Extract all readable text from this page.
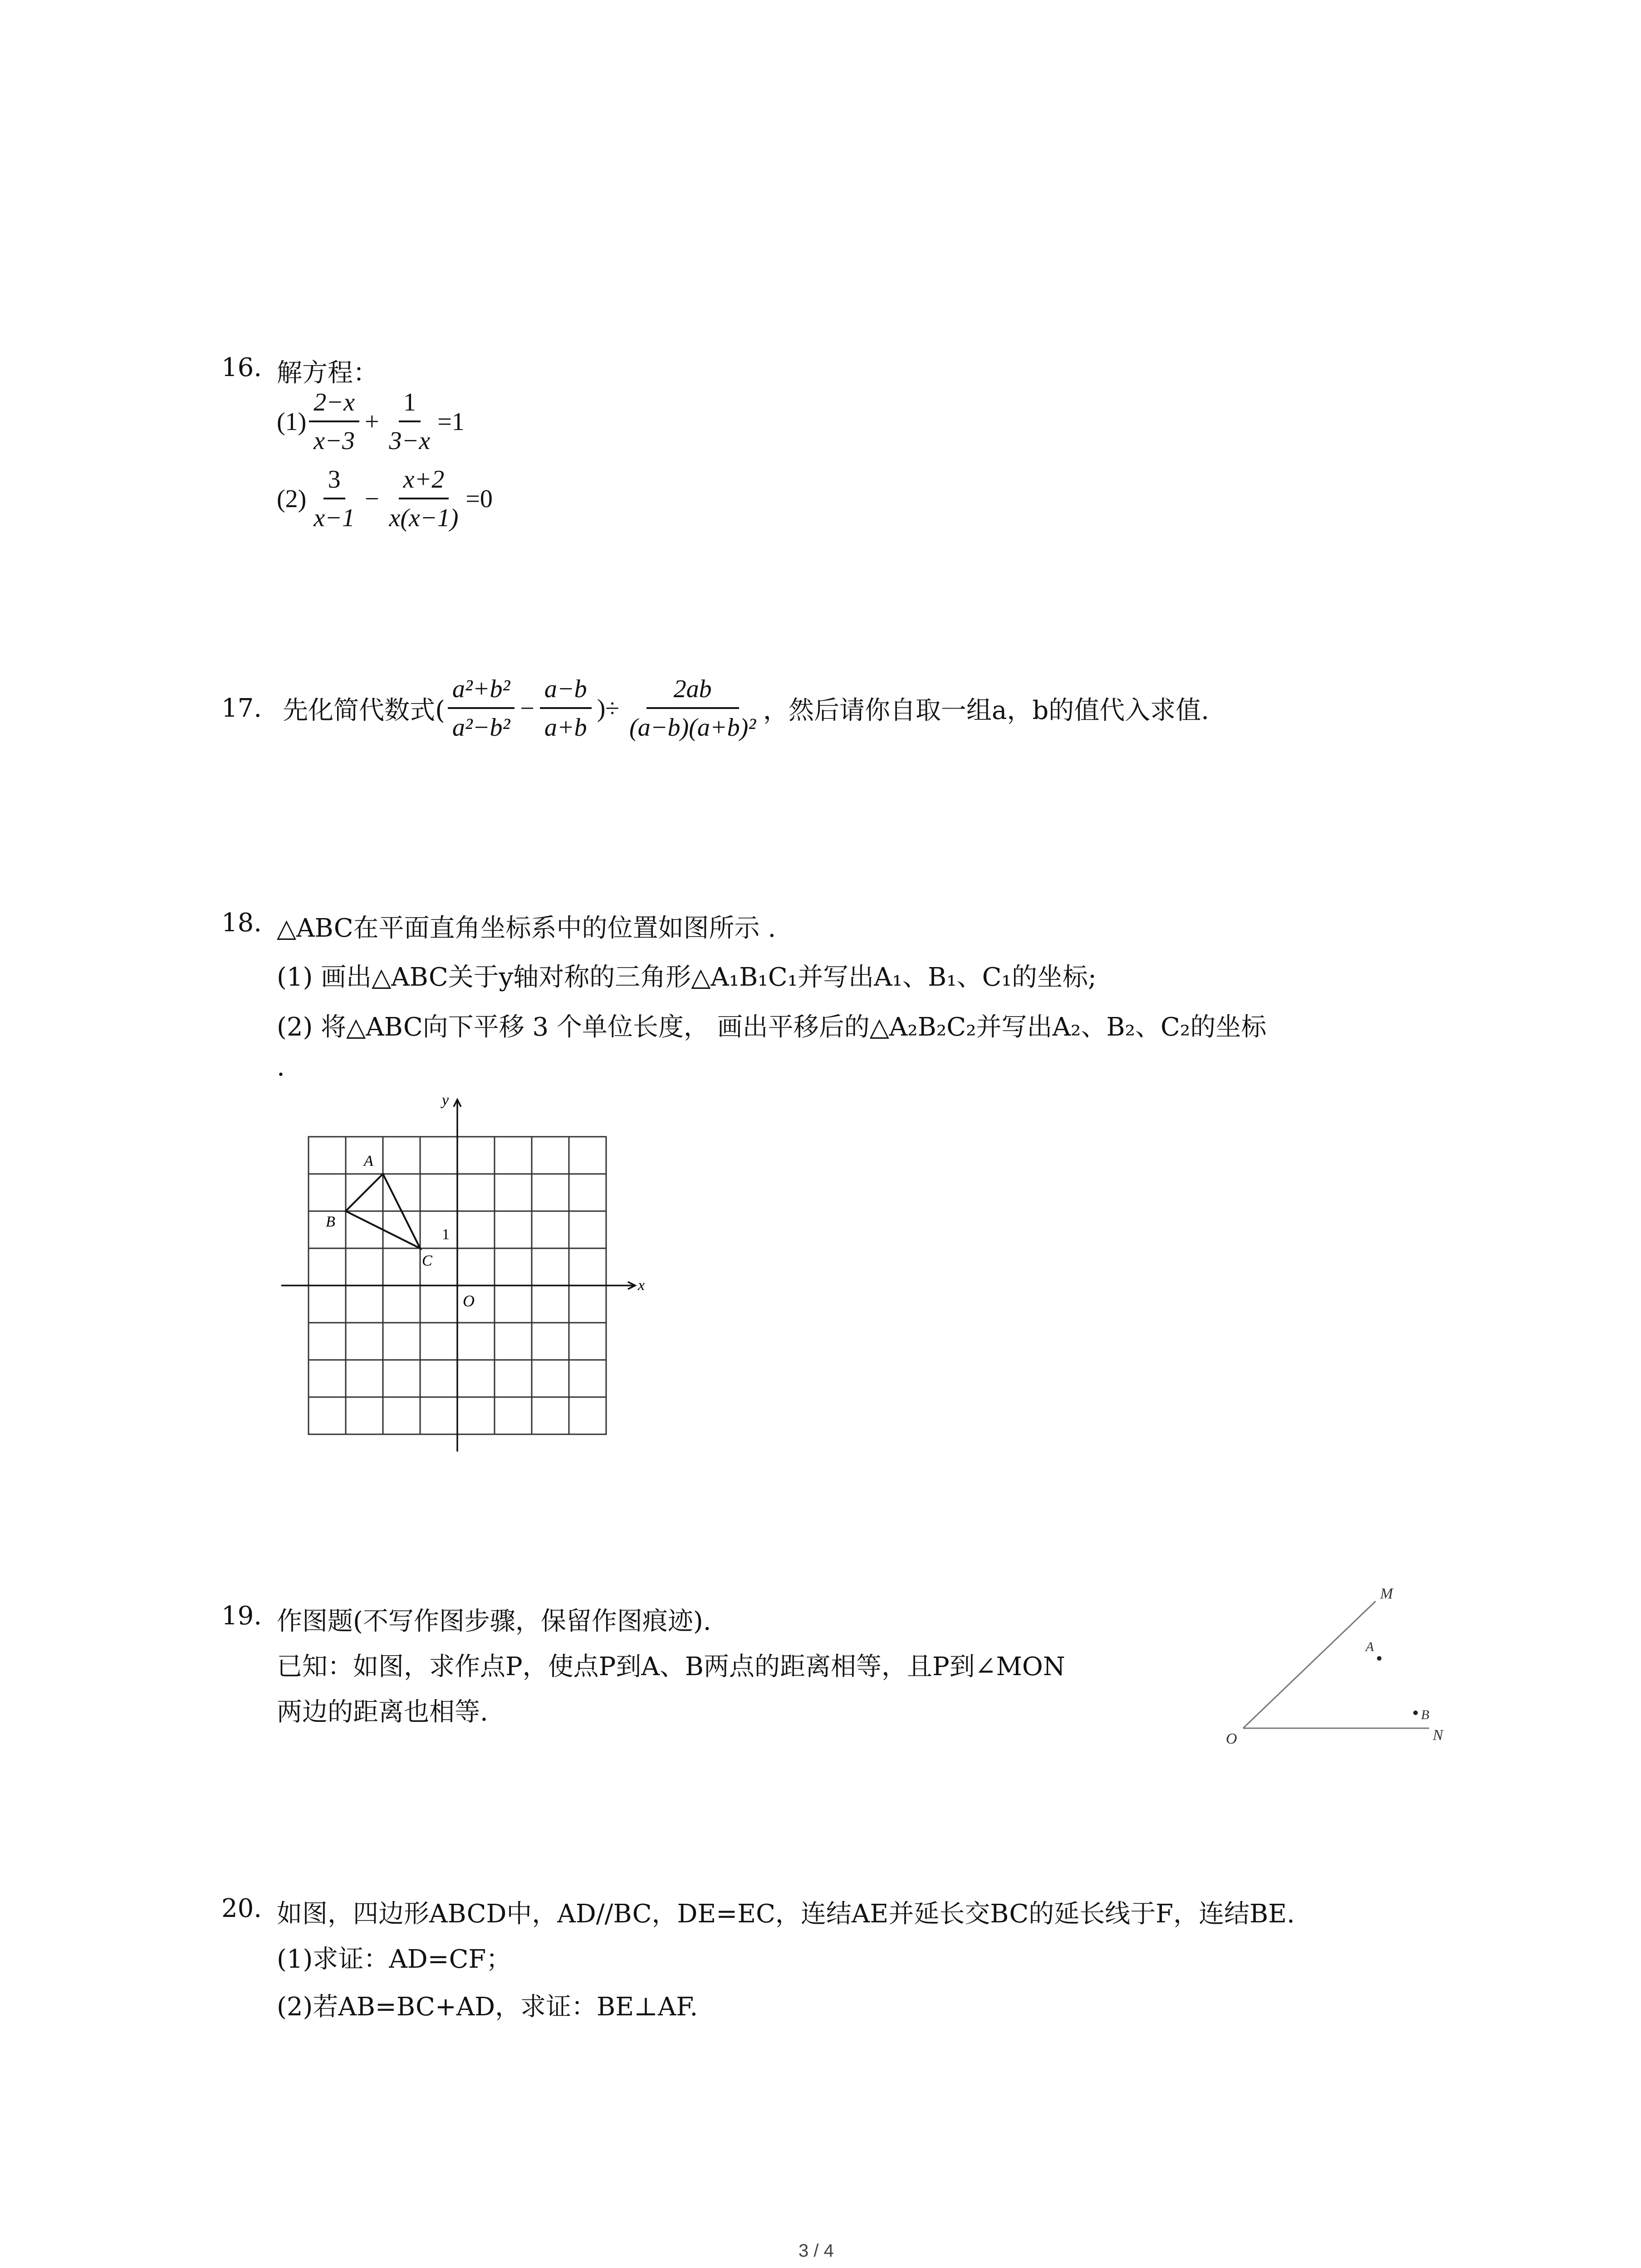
16. 解方程：
$(1) \frac{2-x}{x-3} + \frac{1}{3-x} =1$
$(2) \frac{3}{x-1} - \frac{x+2}{x(x-1)} =0$
17. 先化简代数式( $\frac{\text{a²+b²}}{\text{a²−b²}} - \frac{a-b}{a+b}$ )÷ $\frac{2ab}{\text{(a−b)(a+b)²}}$ ，然后请你自取一组a，b的值代入求值.
18. △ABC在平面直角坐标系中的位置如图所示 .
(1) 画出△ABC关于y轴对称的三角形△A₁B₁C₁并写出A₁、B₁、C₁的坐标;
(2) 将△ABC向下平移 3 个单位长度， 画出平移后的△A₂B₂C₂并写出A₂、B₂、C₂的坐标
.
A
B
C
1
O
x
y
19. 作图题(不写作图步骤，保留作图痕迹).
已知：如图，求作点P，使点P到A、B两点的距离相等，且P到∠MON
两边的距离也相等.
M
A
B
O	N
20. 如图，四边形ABCD中，AD//BC，DE=EC，连结AE并延长交BC的延长线于F，连结BE.
(1)求证：AD=CF；
(2)若AB=BC+AD，求证：BE⊥AF.
3 / 4
